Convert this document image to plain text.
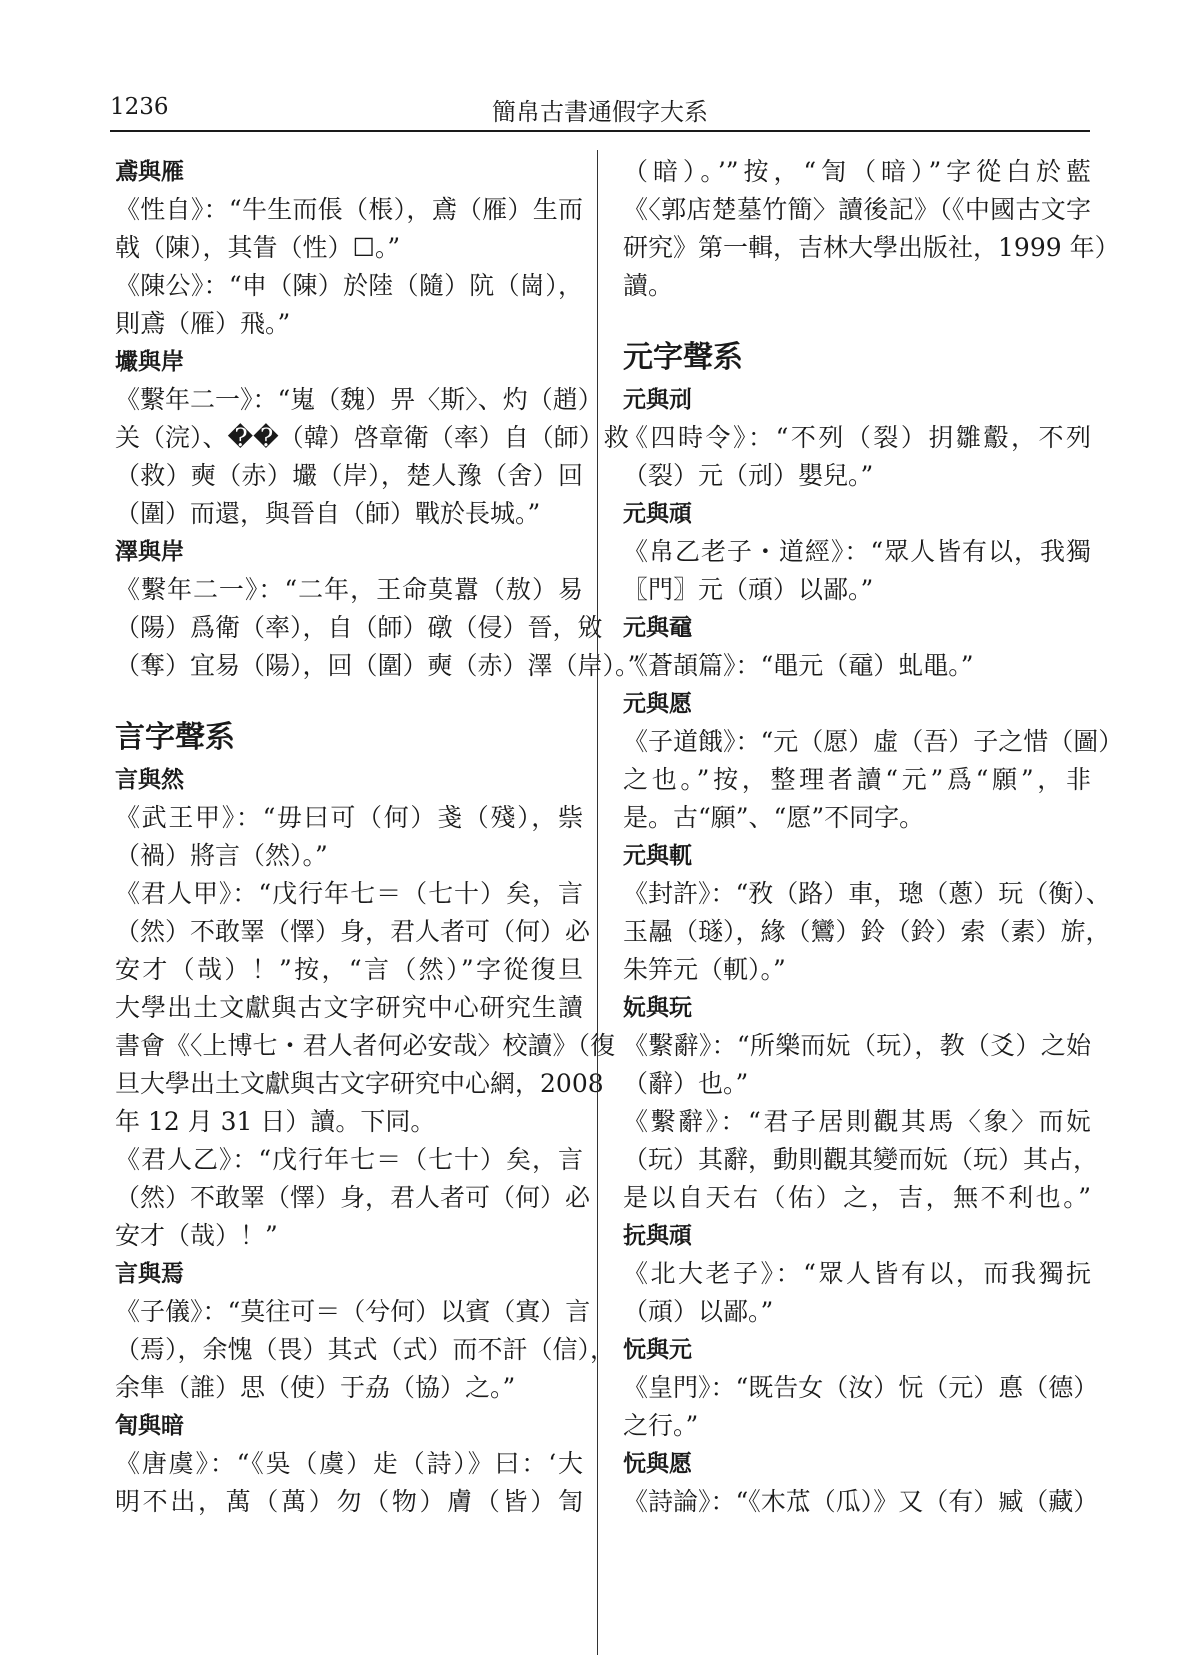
1236	簡帛古書通假字大系
鳶與雁
《性自》：“牛生而倀（棖），鳶（雁）生而
戟（陳），其眚（性）☐。”
《陳公》：“申（陳）於陸（隨）阬（崗），
則鳶（雁）飛。”
壧與岸
《繫年二一》：“嵬（魏）畀〈斯〉、灼（趙）
关（浣）、��（韓）啓章衛（率）自（師）救
（救）奭（赤）壧（岸），楚人豫（舍）回
（圍）而還，與晉自（師）戰於長城。”
澤與岸
《繫年二一》：“二年，王命莫囂（敖）易
（陽）爲衛（率），自（師）礅（侵）晉，敓
（奪）宜易（陽），回（圍）奭（赤）澤（岸）。”
言字聲系
言與然
《武王甲》：“毋曰可（何）戔（殘），祡
（禍）將言（然）。”
《君人甲》：“戊行年七＝（七十）矣，言
（然）不敢睪（懌）身，君人者可（何）必
安才（哉）！”按，“言（然）”字從復旦
大學出土文獻與古文字研究中心研究生讀
書會《〈上博七・君人者何必安哉〉校讀》（復
旦大學出土文獻與古文字研究中心網，2008
年 12 月 31 日）讀。下同。
《君人乙》：“戊行年七＝（七十）矣，言
（然）不敢睪（懌）身，君人者可（何）必
安才（哉）！”
言與焉
《子儀》：“莫往可＝（兮何）以賓（寘）言
（焉），余愧（畏）其式（式）而不訐（信），
余隼（誰）思（使）于劦（協）之。”
訇與暗
《唐虞》：“《吳（虞）歨（詩）》曰：‘大
明不出，萬（萬）勿（物）膚（皆）訇
（暗）。’”按，“訇（暗）”字從白於藍
《〈郭店楚墓竹簡〉讀後記》（《中國古文字
研究》第一輯，吉林大學出版社，1999 年）
讀。
元字聲系
元與刓
《四時令》：“不列（裂）抈雛鷇，不列
（裂）元（刓）嬰兒。”
元與頑
《帛乙老子・道經》：“眾人皆有以，我獨
〖門〗元（頑）以鄙。”
元與黿
《蒼頡篇》：“黽元（黿）虬黽。”
元與愿
《子道餓》：“元（愿）虛（吾）子之惜（圖）
之也。”按，整理者讀“元”爲“願”，非
是。古“願”、“愿”不同字。
元與軏
《封許》：“敄（路）車，璁（蔥）玩（衡）、
玉曧（璲），緣（鸞）鈴（鈴）索（素）旂，
朱笄元（軏）。”
妧與玩
《繫辭》：“所樂而妧（玩），教（爻）之始
（辭）也。”
《繫辭》：“君子居則觀其馬〈象〉而妧
（玩）其辭，動則觀其變而妧（玩）其占，
是以自天右（佑）之，吉，無不利也。”
抏與頑
《北大老子》：“眾人皆有以，而我獨抏
（頑）以鄙。”
忨與元
《皇門》：“既告女（汝）忨（元）悳（德）
之行。”
忨與愿
《詩論》：“《木苽（瓜）》又（有）臧（藏）
